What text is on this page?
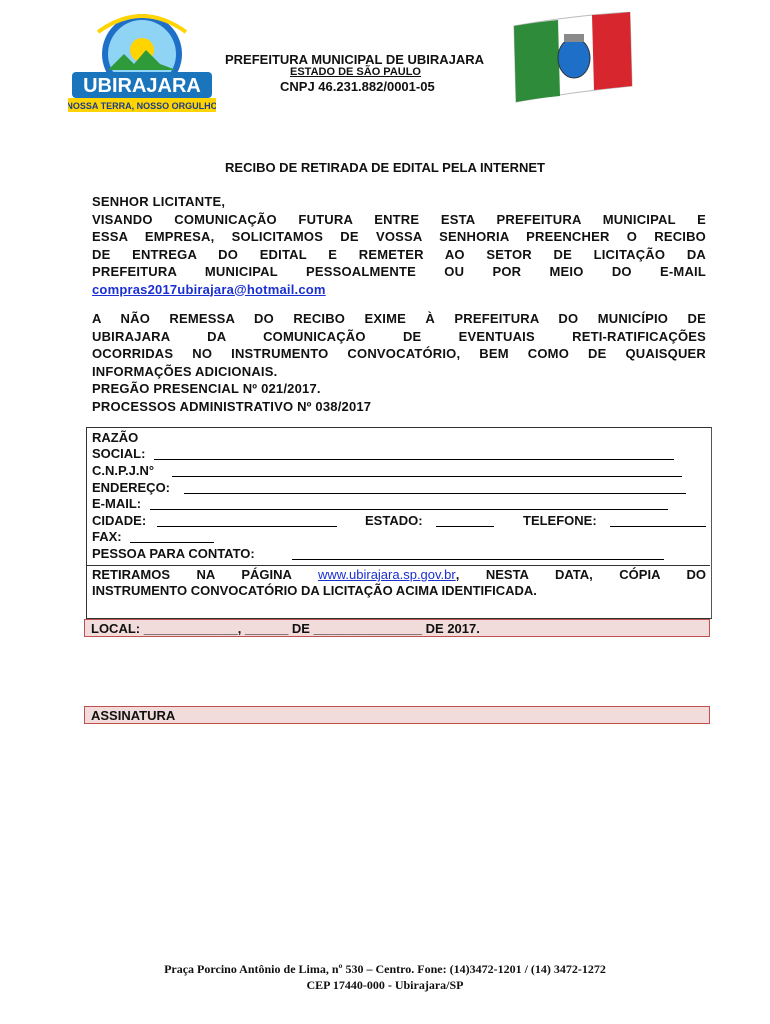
UBIRAJARA
NOSSA TERRA, NOSSO ORGULHO
PREFEITURA MUNICIPAL DE UBIRAJARA
ESTADO DE SÃO PAULO
CNPJ 46.231.882/0001-05
RECIBO DE RETIRADA DE EDITAL PELA INTERNET
SENHOR LICITANTE,
VISANDO COMUNICAÇÃO FUTURA ENTRE ESTA PREFEITURA MUNICIPAL E
ESSA EMPRESA, SOLICITAMOS DE VOSSA SENHORIA PREENCHER O RECIBO
DE ENTREGA DO EDITAL E REMETER AO SETOR DE LICITAÇÃO DA
PREFEITURA MUNICIPAL PESSOALMENTE OU POR MEIO DO E-MAIL
compras2017ubirajara@hotmail.com
A NÃO REMESSA DO RECIBO EXIME À PREFEITURA DO MUNICÍPIO DE
UBIRAJARA DA COMUNICAÇÃO DE EVENTUAIS RETI-RATIFICAÇÕES
OCORRIDAS NO INSTRUMENTO CONVOCATÓRIO, BEM COMO DE QUAISQUER
INFORMAÇÕES ADICIONAIS.
PREGÃO PRESENCIAL Nº 021/2017.
PROCESSOS ADMINISTRATIVO Nº 038/2017
RAZÃO
SOCIAL:
C.N.P.J.N°
ENDEREÇO:
E-MAIL:
CIDADE:	ESTADO:	TELEFONE:
FAX:
PESSOA PARA CONTATO:
RETIRAMOS NA PÁGINA www.ubirajara.sp.gov.br, NESTA DATA, CÓPIA DO
INSTRUMENTO CONVOCATÓRIO DA LICITAÇÃO ACIMA IDENTIFICADA.
LOCAL: _____________, ______ DE _______________ DE 2017.
ASSINATURA
Praça Porcino Antônio de Lima, nº 530 – Centro. Fone: (14)3472-1201 / (14) 3472-1272
CEP 17440-000 - Ubirajara/SP
